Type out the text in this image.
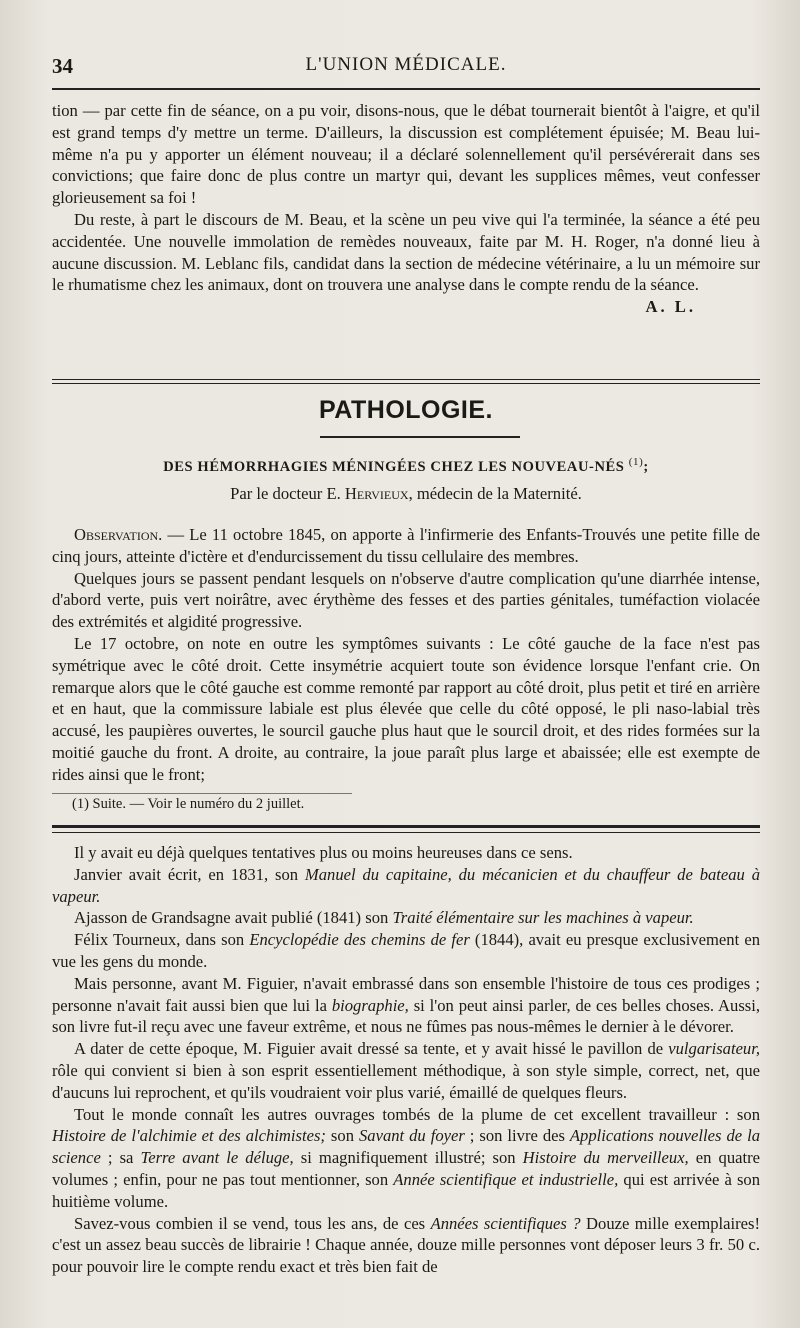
34	L'UNION MÉDICALE.

tion — par cette fin de séance, on a pu voir, disons-nous, que le débat tournerait bientôt à l'aigre, et qu'il est grand temps d'y mettre un terme. D'ailleurs, la discussion est complétement épuisée; M. Beau lui-même n'a pu y apporter un élément nouveau; il a déclaré solennellement qu'il persévérerait dans ses convictions; que faire donc de plus contre un martyr qui, devant les supplices mêmes, veut confesser glorieusement sa foi !

Du reste, à part le discours de M. Beau, et la scène un peu vive qui l'a terminée, la séance a été peu accidentée. Une nouvelle immolation de remèdes nouveaux, faite par M. H. Roger, n'a donné lieu à aucune discussion. M. Leblanc fils, candidat dans la section de médecine vétérinaire, a lu un mémoire sur le rhumatisme chez les animaux, dont on trouvera une analyse dans le compte rendu de la séance.

A. L.

PATHOLOGIE.
DES HÉMORRHAGIES MÉNINGÉES CHEZ LES NOUVEAU-NÉS $^{(1)}$;
Par le docteur E. Hervieux, médecin de la Maternité.

Observation. — Le 11 octobre 1845, on apporte à l'infirmerie des Enfants-Trouvés une petite fille de cinq jours, atteinte d'ictère et d'endurcissement du tissu cellulaire des membres.

Quelques jours se passent pendant lesquels on n'observe d'autre complication qu'une diarrhée intense, d'abord verte, puis vert noirâtre, avec érythème des fesses et des parties génitales, tuméfaction violacée des extrémités et algidité progressive.

Le 17 octobre, on note en outre les symptômes suivants : Le côté gauche de la face n'est pas symétrique avec le côté droit. Cette insymétrie acquiert toute son évidence lorsque l'enfant crie. On remarque alors que le côté gauche est comme remonté par rapport au côté droit, plus petit et tiré en arrière et en haut, que la commissure labiale est plus élevée que celle du côté opposé, le pli naso-labial très accusé, les paupières ouvertes, le sourcil gauche plus haut que le sourcil droit, et des rides formées sur la moitié gauche du front. A droite, au contraire, la joue paraît plus large et abaissée; elle est exempte de rides ainsi que le front;

(1) Suite. — Voir le numéro du 2 juillet.

Il y avait eu déjà quelques tentatives plus ou moins heureuses dans ce sens.

Janvier avait écrit, en 1831, son Manuel du capitaine, du mécanicien et du chauffeur de bateau à vapeur.

Ajasson de Grandsagne avait publié (1841) son Traité élémentaire sur les machines à vapeur.

Félix Tourneux, dans son Encyclopédie des chemins de fer (1844), avait eu presque exclusivement en vue les gens du monde.

Mais personne, avant M. Figuier, n'avait embrassé dans son ensemble l'histoire de tous ces prodiges ; personne n'avait fait aussi bien que lui la biographie, si l'on peut ainsi parler, de ces belles choses. Aussi, son livre fut-il reçu avec une faveur extrême, et nous ne fûmes pas nous-mêmes le dernier à le dévorer.

A dater de cette époque, M. Figuier avait dressé sa tente, et y avait hissé le pavillon de vulgarisateur, rôle qui convient si bien à son esprit essentiellement méthodique, à son style simple, correct, net, que d'aucuns lui reprochent, et qu'ils voudraient voir plus varié, émaillé de quelques fleurs.

Tout le monde connaît les autres ouvrages tombés de la plume de cet excellent travailleur : son Histoire de l'alchimie et des alchimistes; son Savant du foyer ; son livre des Applications nouvelles de la science ; sa Terre avant le déluge, si magnifiquement illustré; son Histoire du merveilleux, en quatre volumes ; enfin, pour ne pas tout mentionner, son Année scientifique et industrielle, qui est arrivée à son huitième volume.

Savez-vous combien il se vend, tous les ans, de ces Années scientifiques ? Douze mille exemplaires! c'est un assez beau succès de librairie ! Chaque année, douze mille personnes vont déposer leurs 3 fr. 50 c. pour pouvoir lire le compte rendu exact et très bien fait de
